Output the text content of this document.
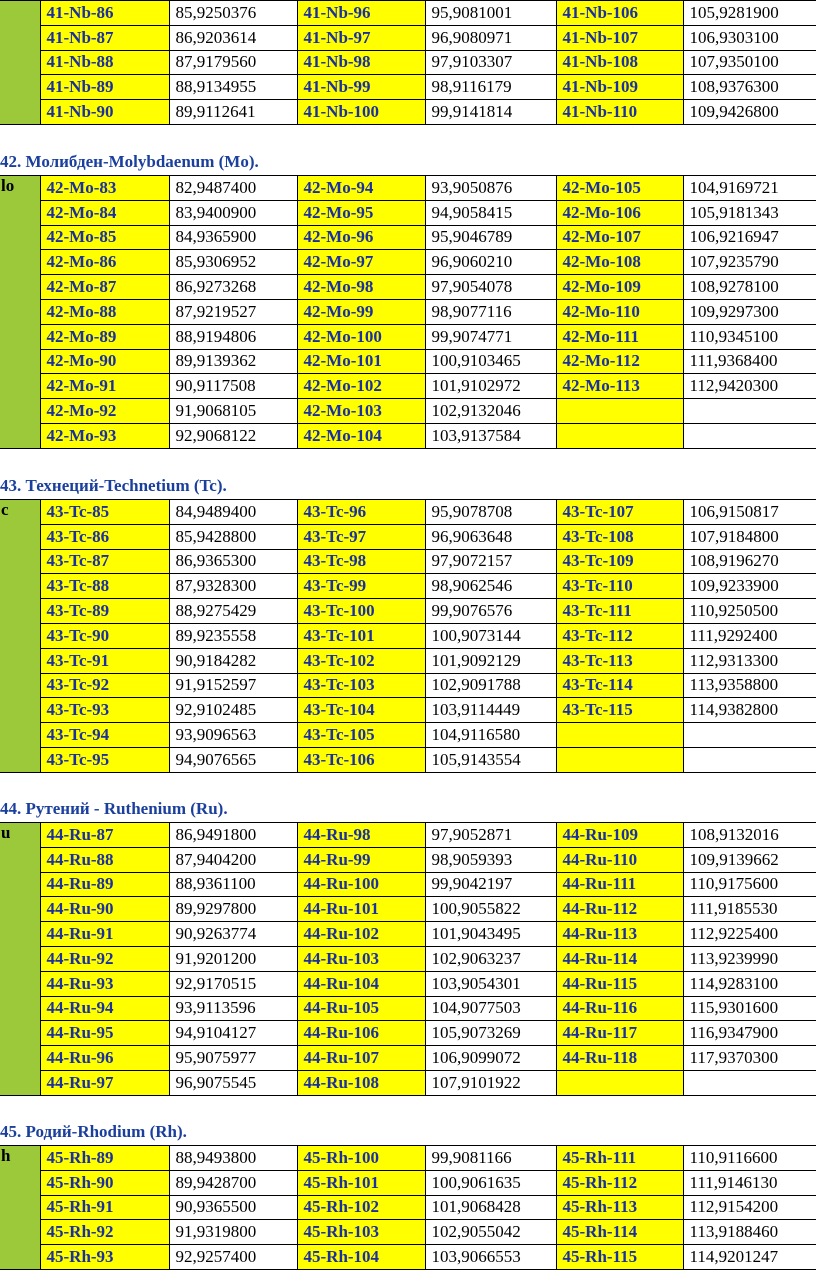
	41-Nb-86	85,9250376	41-Nb-96	95,9081001	41-Nb-106	105,9281900
	41-Nb-87	86,9203614	41-Nb-97	96,9080971	41-Nb-107	106,9303100
	41-Nb-88	87,9179560	41-Nb-98	97,9103307	41-Nb-108	107,9350100
	41-Nb-89	88,9134955	41-Nb-99	98,9116179	41-Nb-109	108,9376300
	41-Nb-90	89,9112641	41-Nb-100	99,9141814	41-Nb-110	109,9426800
42. Молибден-Molybdaenum (Mo).
lo	42-Mo-83	82,9487400	42-Mo-94	93,9050876	42-Mo-105	104,9169721
	42-Mo-84	83,9400900	42-Mo-95	94,9058415	42-Mo-106	105,9181343
	42-Mo-85	84,9365900	42-Mo-96	95,9046789	42-Mo-107	106,9216947
	42-Mo-86	85,9306952	42-Mo-97	96,9060210	42-Mo-108	107,9235790
	42-Mo-87	86,9273268	42-Mo-98	97,9054078	42-Mo-109	108,9278100
	42-Mo-88	87,9219527	42-Mo-99	98,9077116	42-Mo-110	109,9297300
	42-Mo-89	88,9194806	42-Mo-100	99,9074771	42-Mo-111	110,9345100
	42-Mo-90	89,9139362	42-Mo-101	100,9103465	42-Mo-112	111,9368400
	42-Mo-91	90,9117508	42-Mo-102	101,9102972	42-Mo-113	112,9420300
	42-Mo-92	91,9068105	42-Mo-103	102,9132046		
	42-Mo-93	92,9068122	42-Mo-104	103,9137584		
43. Технеций-Technetium (Tc).
c	43-Tc-85	84,9489400	43-Tc-96	95,9078708	43-Tc-107	106,9150817
	43-Tc-86	85,9428800	43-Tc-97	96,9063648	43-Tc-108	107,9184800
	43-Tc-87	86,9365300	43-Tc-98	97,9072157	43-Tc-109	108,9196270
	43-Tc-88	87,9328300	43-Tc-99	98,9062546	43-Tc-110	109,9233900
	43-Tc-89	88,9275429	43-Tc-100	99,9076576	43-Tc-111	110,9250500
	43-Tc-90	89,9235558	43-Tc-101	100,9073144	43-Tc-112	111,9292400
	43-Tc-91	90,9184282	43-Tc-102	101,9092129	43-Tc-113	112,9313300
	43-Tc-92	91,9152597	43-Tc-103	102,9091788	43-Tc-114	113,9358800
	43-Tc-93	92,9102485	43-Tc-104	103,9114449	43-Tc-115	114,9382800
	43-Tc-94	93,9096563	43-Tc-105	104,9116580		
	43-Tc-95	94,9076565	43-Tc-106	105,9143554		
44. Рутений - Ruthenium (Ru).
u	44-Ru-87	86,9491800	44-Ru-98	97,9052871	44-Ru-109	108,9132016
	44-Ru-88	87,9404200	44-Ru-99	98,9059393	44-Ru-110	109,9139662
	44-Ru-89	88,9361100	44-Ru-100	99,9042197	44-Ru-111	110,9175600
	44-Ru-90	89,9297800	44-Ru-101	100,9055822	44-Ru-112	111,9185530
	44-Ru-91	90,9263774	44-Ru-102	101,9043495	44-Ru-113	112,9225400
	44-Ru-92	91,9201200	44-Ru-103	102,9063237	44-Ru-114	113,9239990
	44-Ru-93	92,9170515	44-Ru-104	103,9054301	44-Ru-115	114,9283100
	44-Ru-94	93,9113596	44-Ru-105	104,9077503	44-Ru-116	115,9301600
	44-Ru-95	94,9104127	44-Ru-106	105,9073269	44-Ru-117	116,9347900
	44-Ru-96	95,9075977	44-Ru-107	106,9099072	44-Ru-118	117,9370300
	44-Ru-97	96,9075545	44-Ru-108	107,9101922		
45. Родий-Rhodium (Rh).
h	45-Rh-89	88,9493800	45-Rh-100	99,9081166	45-Rh-111	110,9116600
	45-Rh-90	89,9428700	45-Rh-101	100,9061635	45-Rh-112	111,9146130
	45-Rh-91	90,9365500	45-Rh-102	101,9068428	45-Rh-113	112,9154200
	45-Rh-92	91,9319800	45-Rh-103	102,9055042	45-Rh-114	113,9188460
	45-Rh-93	92,9257400	45-Rh-104	103,9066553	45-Rh-115	114,9201247
